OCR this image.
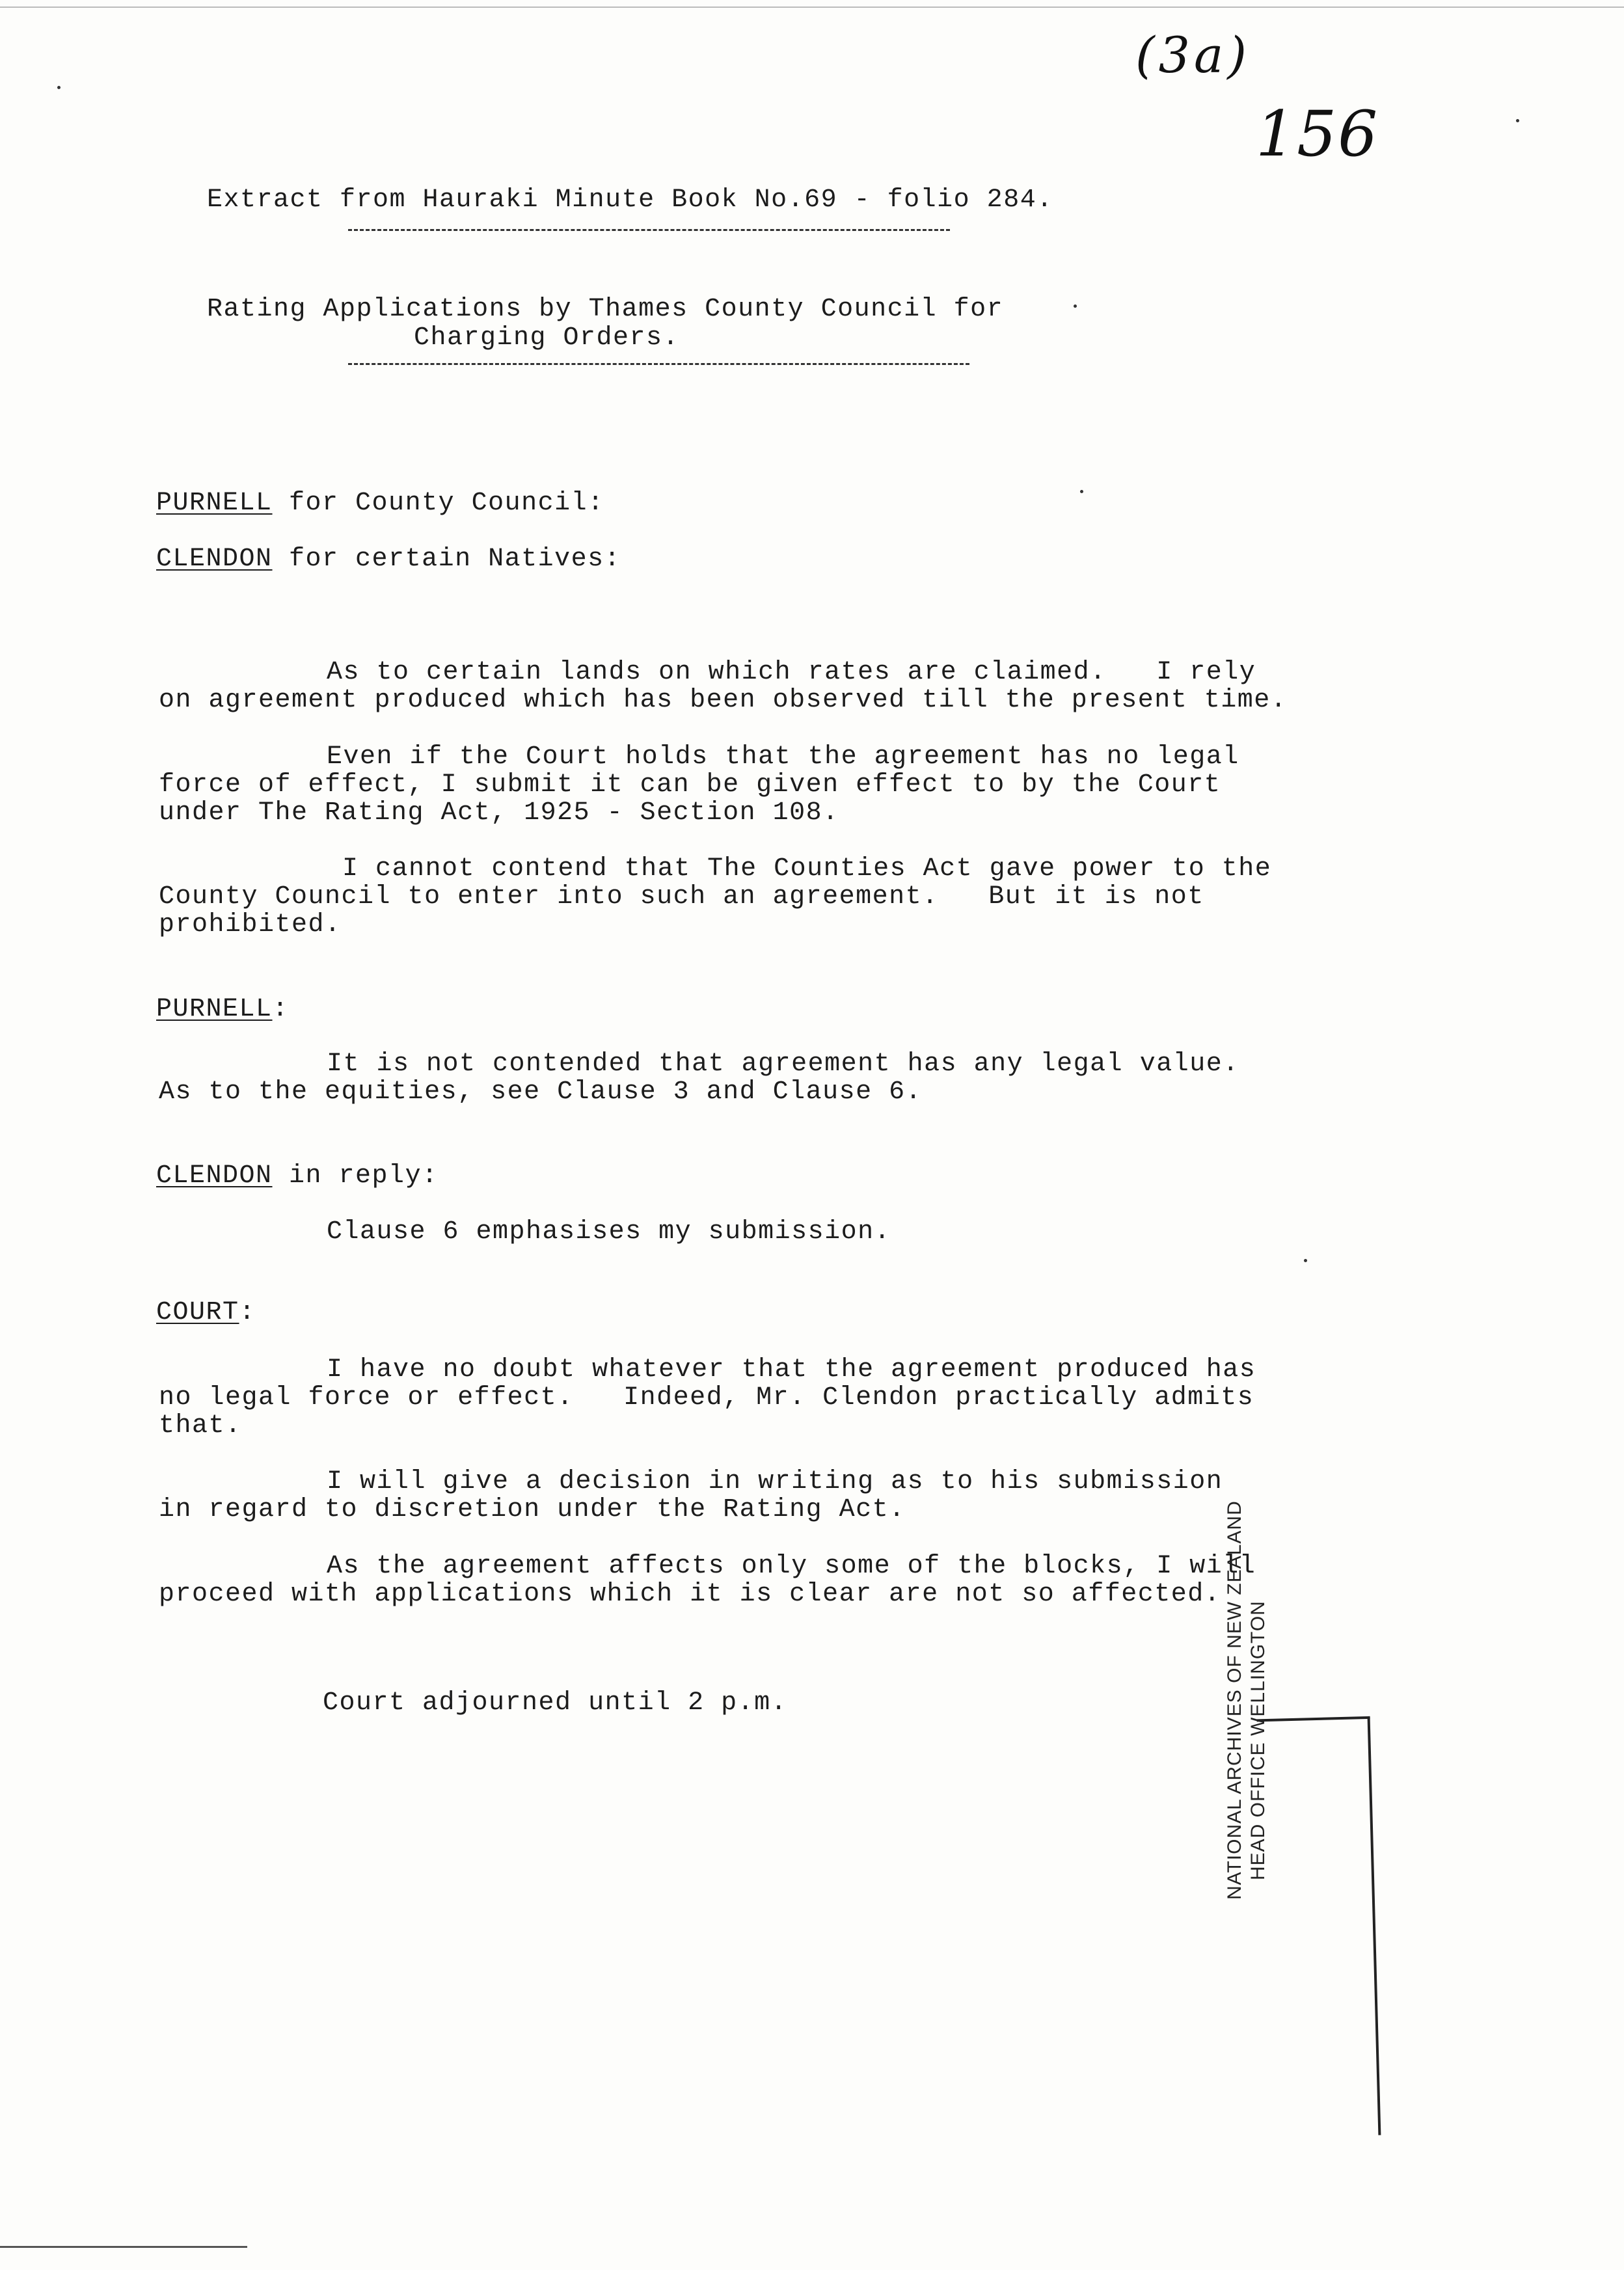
(3a)
156
Extract from Hauraki Minute Book No.69 - folio 284.
Rating Applications by Thames County Council for
Charging Orders.
PURNELL for County Council:
CLENDON for certain Natives:
As to certain lands on which rates are claimed.   I rely
on agreement produced which has been observed till the present time.
Even if the Court holds that the agreement has no legal
force of effect, I submit it can be given effect to by the Court
under The Rating Act, 1925 - Section 108.
I cannot contend that The Counties Act gave power to the
County Council to enter into such an agreement.   But it is not
prohibited.
PURNELL:
It is not contended that agreement has any legal value.
As to the equities, see Clause 3 and Clause 6.
CLENDON in reply:
Clause 6 emphasises my submission.
COURT:
I have no doubt whatever that the agreement produced has
no legal force or effect.   Indeed, Mr. Clendon practically admits
that.
I will give a decision in writing as to his submission
in regard to discretion under the Rating Act.
As the agreement affects only some of the blocks, I will
proceed with applications which it is clear are not so affected.
Court adjourned until 2 p.m.	NATIONAL ARCHIVES OF NEW ZEALAND HEAD OFFICE WELLINGTON
